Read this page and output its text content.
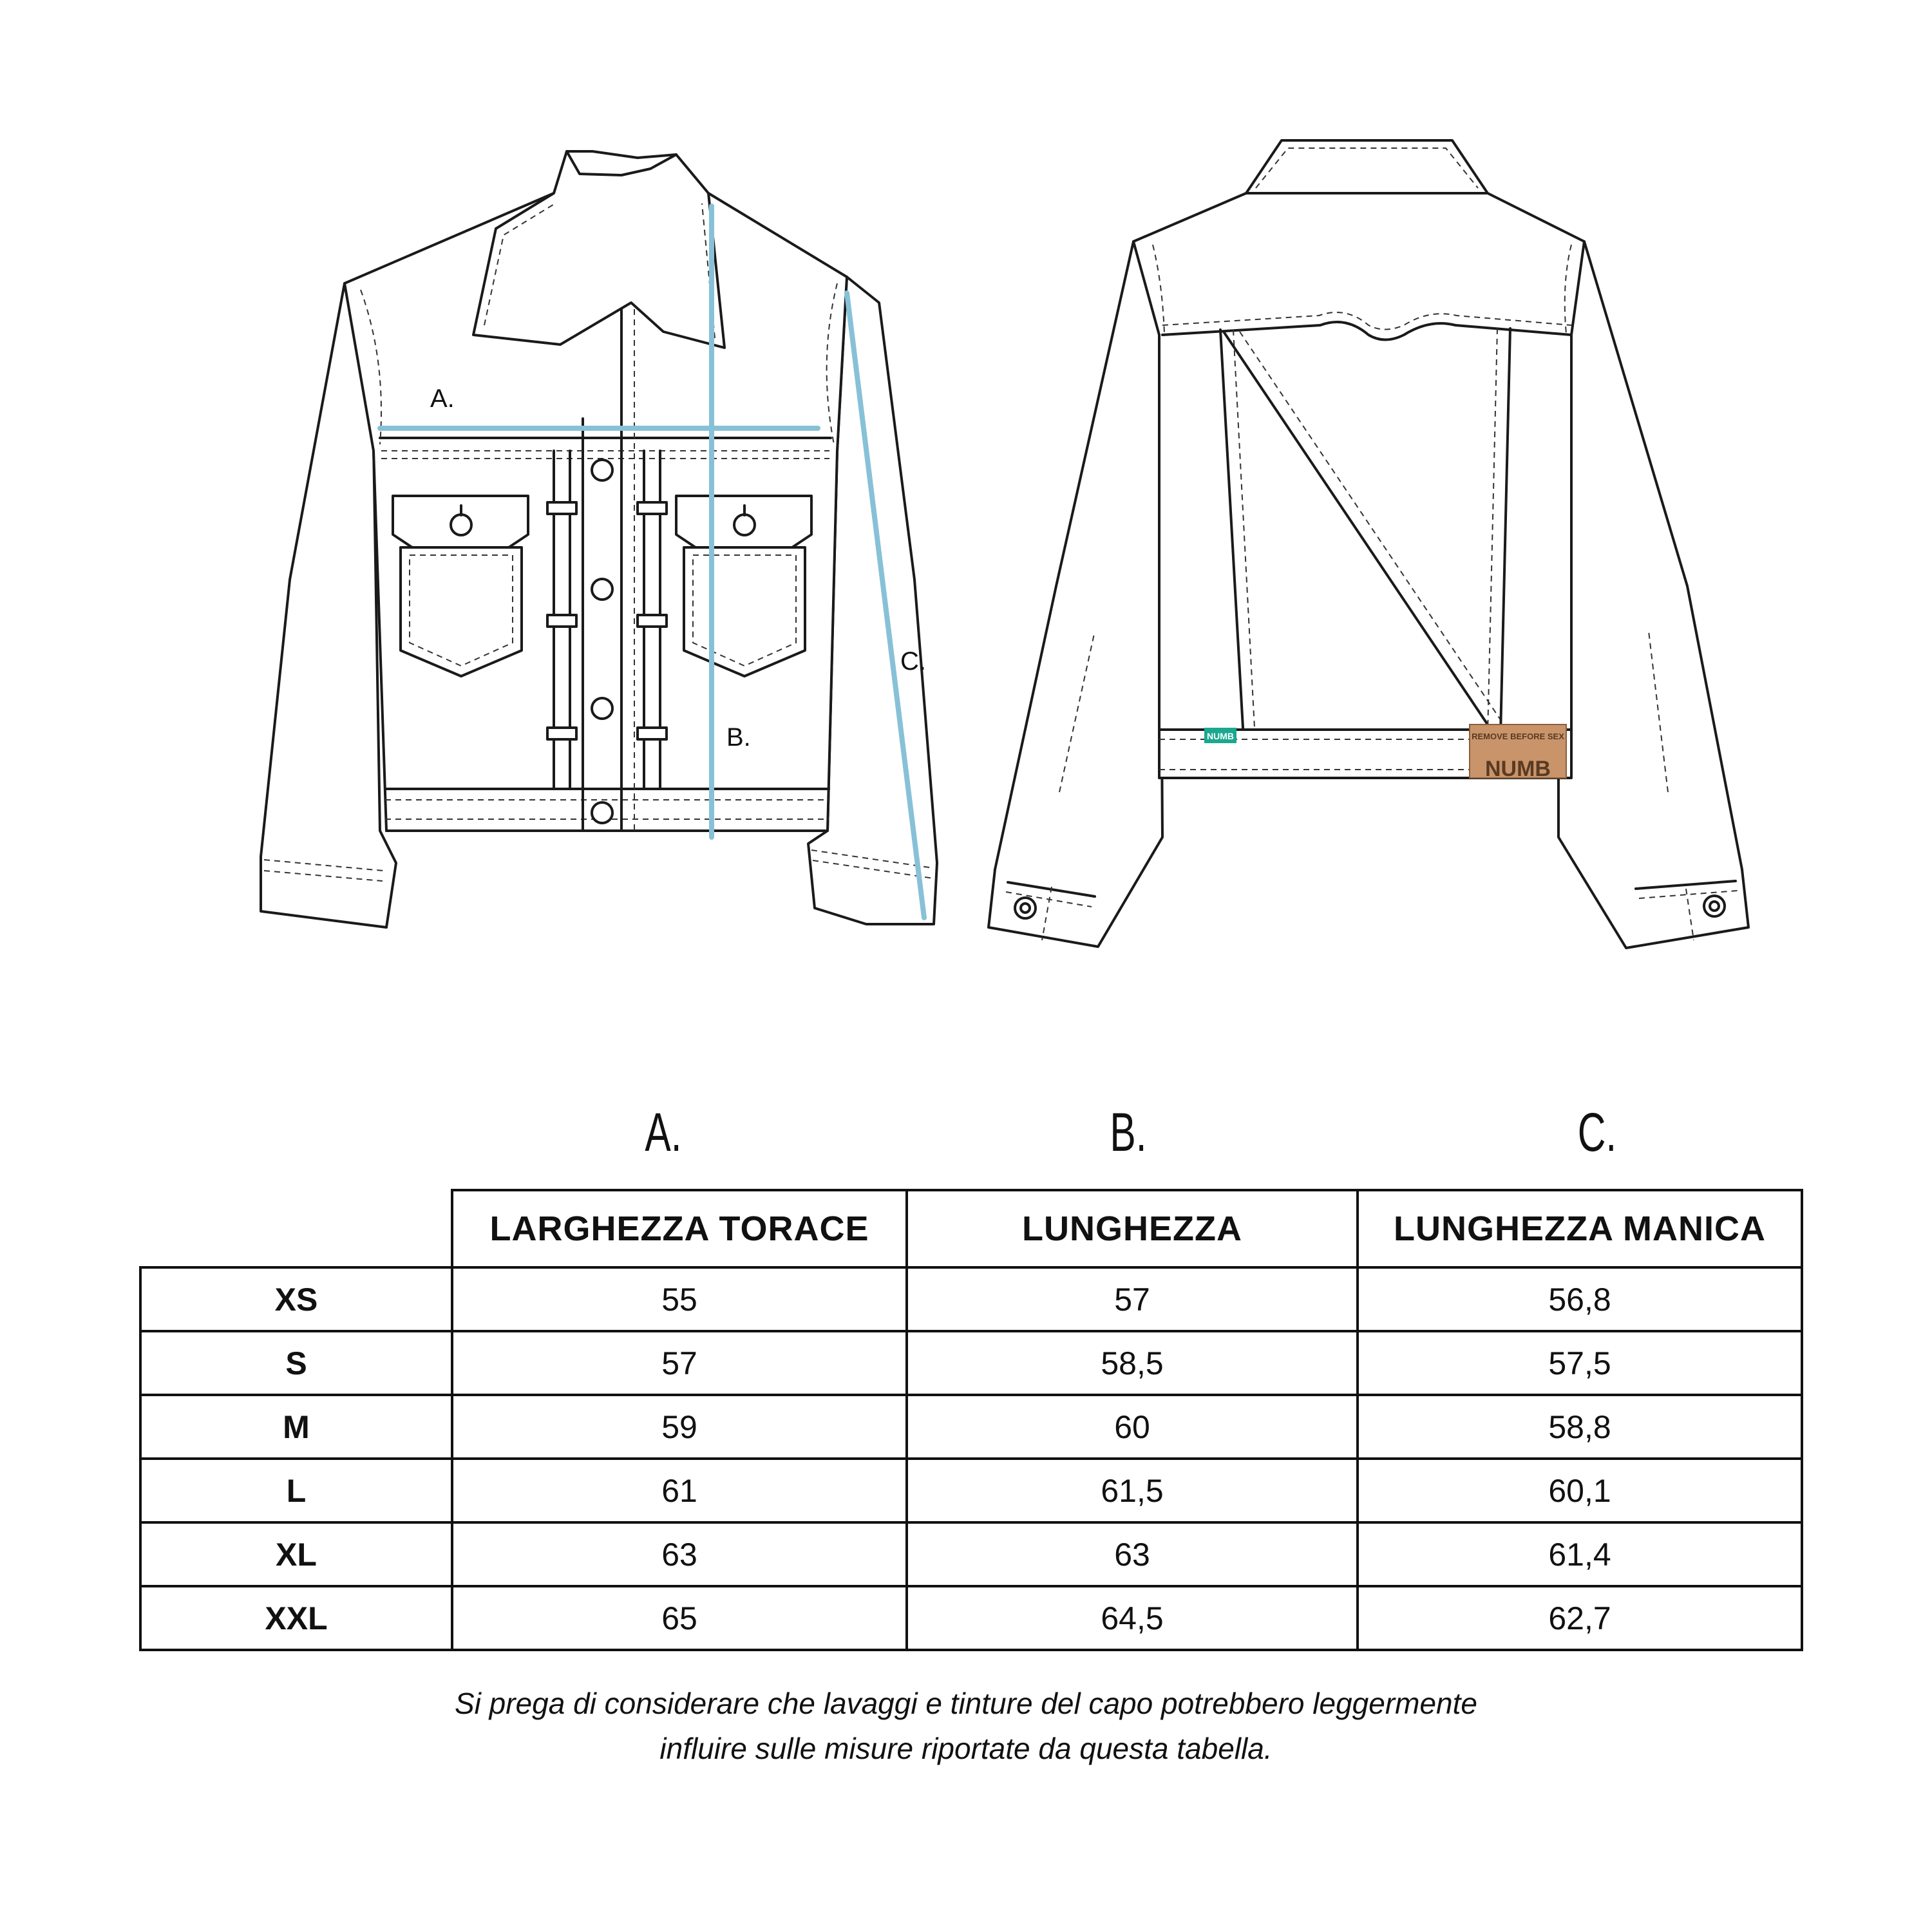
A.
B.
C.
NUMB	REMOVE BEFORE SEX
NUMB
A.	B.	C.
	LARGHEZZA TORACE	LUNGHEZZA	LUNGHEZZA MANICA
XS	55	57	56,8
S	57	58,5	57,5
M	59	60	58,8
L	61	61,5	60,1
XL	63	63	61,4
XXL	65	64,5	62,7
Si prega di considerare che lavaggi e tinture del capo potrebbero leggermente
influire sulle misure riportate da questa tabella.
